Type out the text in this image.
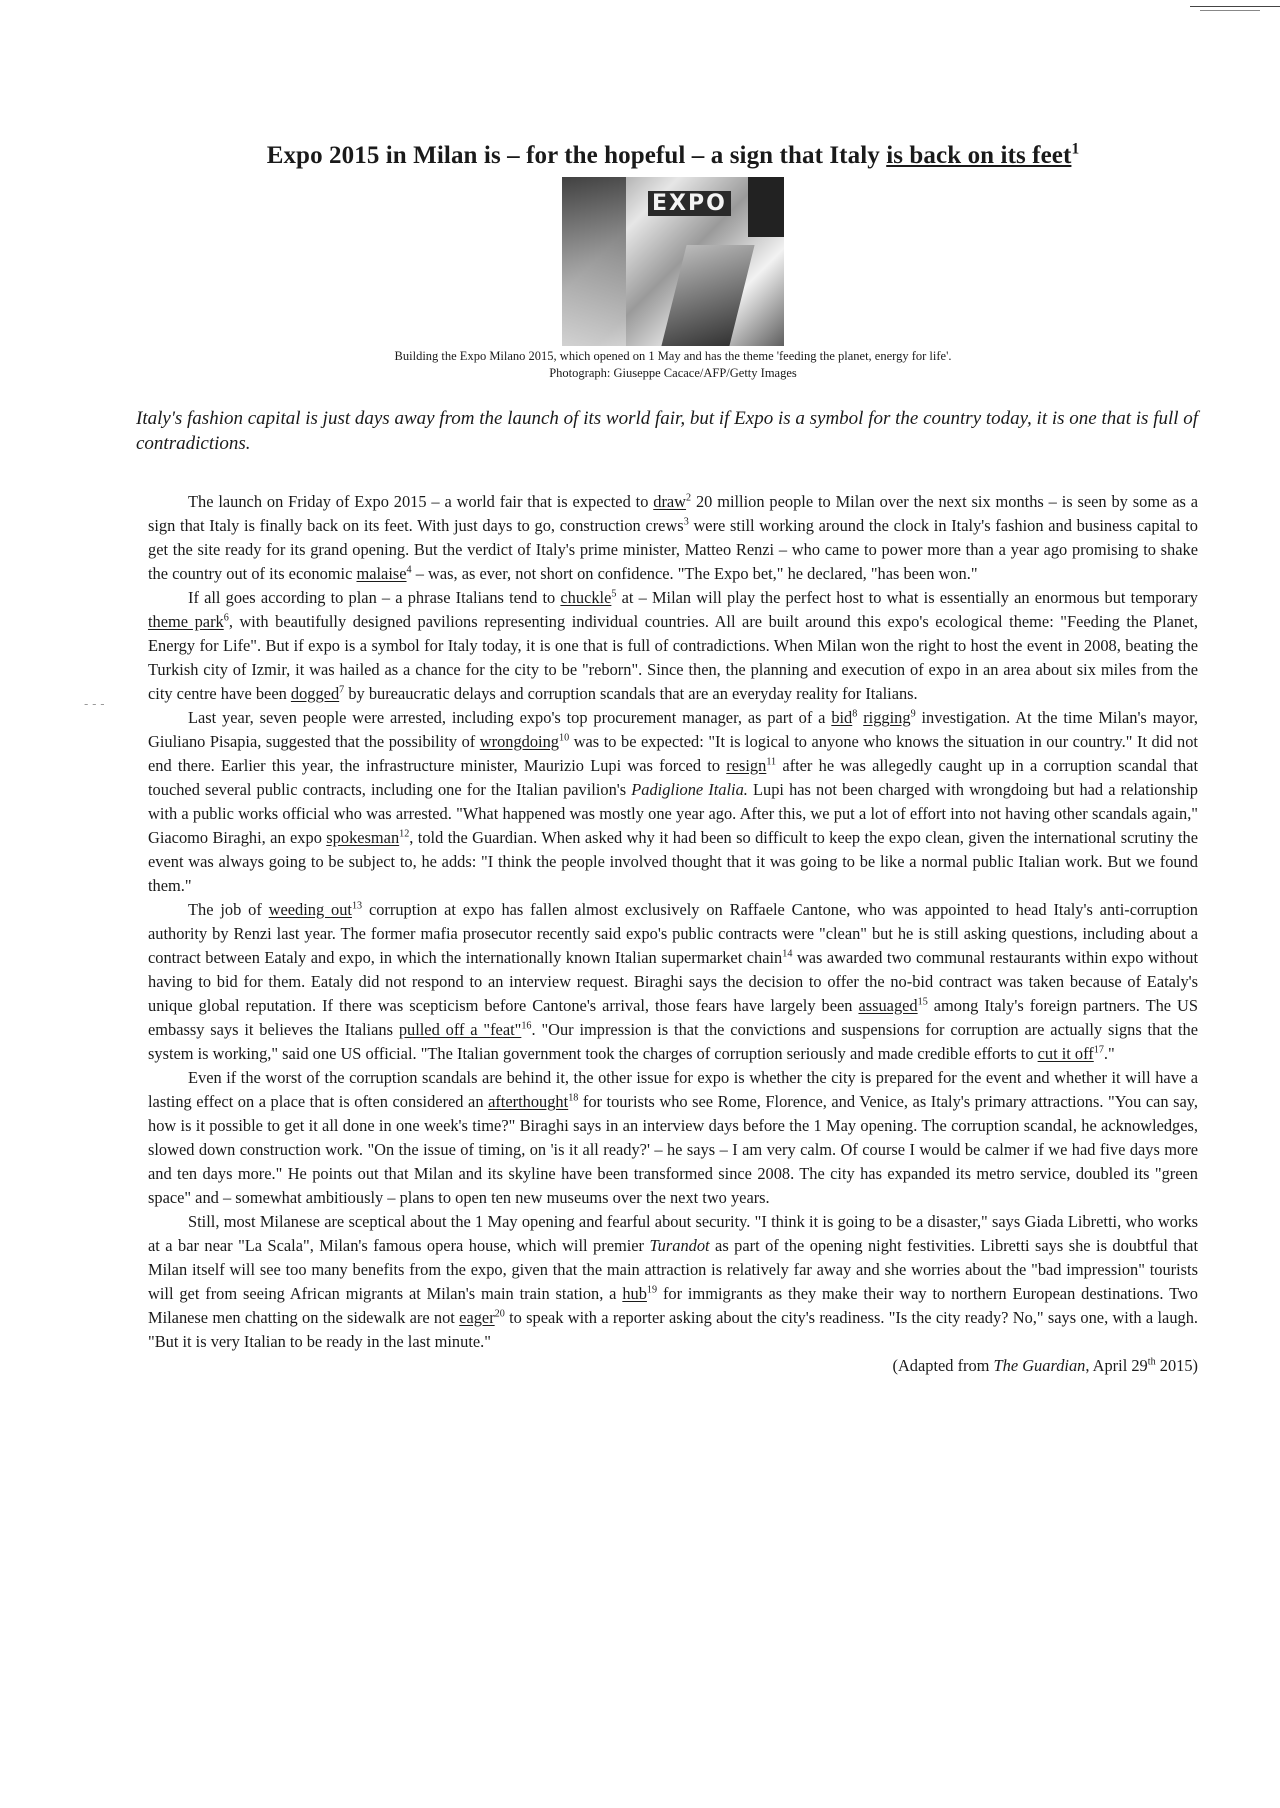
- - -
Expo 2015 in Milan is – for the hopeful – a sign that Italy is back on its feet$^1$
EXPO
Building the Expo Milano 2015, which opened on 1 May and has the theme 'feeding the planet, energy for life'.
Photograph: Giuseppe Cacace/AFP/Getty Images
Italy's fashion capital is just days away from the launch of its world fair, but if Expo is a symbol for the country today, it is one that is full of contradictions.

The launch on Friday of Expo 2015 – a world fair that is expected to draw$^2$ 20 million people to Milan over the next six months – is seen by some as a sign that Italy is finally back on its feet. With just days to go, construction crews$^3$ were still working around the clock in Italy's fashion and business capital to get the site ready for its grand opening. But the verdict of Italy's prime minister, Matteo Renzi – who came to power more than a year ago promising to shake the country out of its economic malaise$^4$ – was, as ever, not short on confidence. "The Expo bet," he declared, "has been won."

If all goes according to plan – a phrase Italians tend to chuckle$^5$ at – Milan will play the perfect host to what is essentially an enormous but temporary theme park$^6$, with beautifully designed pavilions representing individual countries. All are built around this expo's ecological theme: "Feeding the Planet, Energy for Life". But if expo is a symbol for Italy today, it is one that is full of contradictions. When Milan won the right to host the event in 2008, beating the Turkish city of Izmir, it was hailed as a chance for the city to be "reborn". Since then, the planning and execution of expo in an area about six miles from the city centre have been dogged$^7$ by bureaucratic delays and corruption scandals that are an everyday reality for Italians.

Last year, seven people were arrested, including expo's top procurement manager, as part of a bid$^8$ rigging$^9$ investigation. At the time Milan's mayor, Giuliano Pisapia, suggested that the possibility of wrongdoing$^{10}$ was to be expected: "It is logical to anyone who knows the situation in our country." It did not end there. Earlier this year, the infrastructure minister, Maurizio Lupi was forced to resign$^{11}$ after he was allegedly caught up in a corruption scandal that touched several public contracts, including one for the Italian pavilion's Padiglione Italia. Lupi has not been charged with wrongdoing but had a relationship with a public works official who was arrested. "What happened was mostly one year ago. After this, we put a lot of effort into not having other scandals again," Giacomo Biraghi, an expo spokesman$^{12}$, told the Guardian. When asked why it had been so difficult to keep the expo clean, given the international scrutiny the event was always going to be subject to, he adds: "I think the people involved thought that it was going to be like a normal public Italian work. But we found them."

The job of weeding out$^{13}$ corruption at expo has fallen almost exclusively on Raffaele Cantone, who was appointed to head Italy's anti-corruption authority by Renzi last year. The former mafia prosecutor recently said expo's public contracts were "clean" but he is still asking questions, including about a contract between Eataly and expo, in which the internationally known Italian supermarket chain$^{14}$ was awarded two communal restaurants within expo without having to bid for them. Eataly did not respond to an interview request. Biraghi says the decision to offer the no-bid contract was taken because of Eataly's unique global reputation. If there was scepticism before Cantone's arrival, those fears have largely been assuaged$^{15}$ among Italy's foreign partners. The US embassy says it believes the Italians pulled off a "feat"$^{16}$. "Our impression is that the convictions and suspensions for corruption are actually signs that the system is working," said one US official. "The Italian government took the charges of corruption seriously and made credible efforts to cut it off$^{17}$."

Even if the worst of the corruption scandals are behind it, the other issue for expo is whether the city is prepared for the event and whether it will have a lasting effect on a place that is often considered an afterthought$^{18}$ for tourists who see Rome, Florence, and Venice, as Italy's primary attractions. "You can say, how is it possible to get it all done in one week's time?" Biraghi says in an interview days before the 1 May opening. The corruption scandal, he acknowledges, slowed down construction work. "On the issue of timing, on 'is it all ready?' – he says – I am very calm. Of course I would be calmer if we had five days more and ten days more." He points out that Milan and its skyline have been transformed since 2008. The city has expanded its metro service, doubled its "green space" and – somewhat ambitiously – plans to open ten new museums over the next two years.

Still, most Milanese are sceptical about the 1 May opening and fearful about security. "I think it is going to be a disaster," says Giada Libretti, who works at a bar near "La Scala", Milan's famous opera house, which will premier Turandot as part of the opening night festivities. Libretti says she is doubtful that Milan itself will see too many benefits from the expo, given that the main attraction is relatively far away and she worries about the "bad impression" tourists will get from seeing African migrants at Milan's main train station, a hub$^{19}$ for immigrants as they make their way to northern European destinations. Two Milanese men chatting on the sidewalk are not eager$^{20}$ to speak with a reporter asking about the city's readiness. "Is the city ready? No," says one, with a laugh. "But it is very Italian to be ready in the last minute."

(Adapted from The Guardian, April 29th 2015)
